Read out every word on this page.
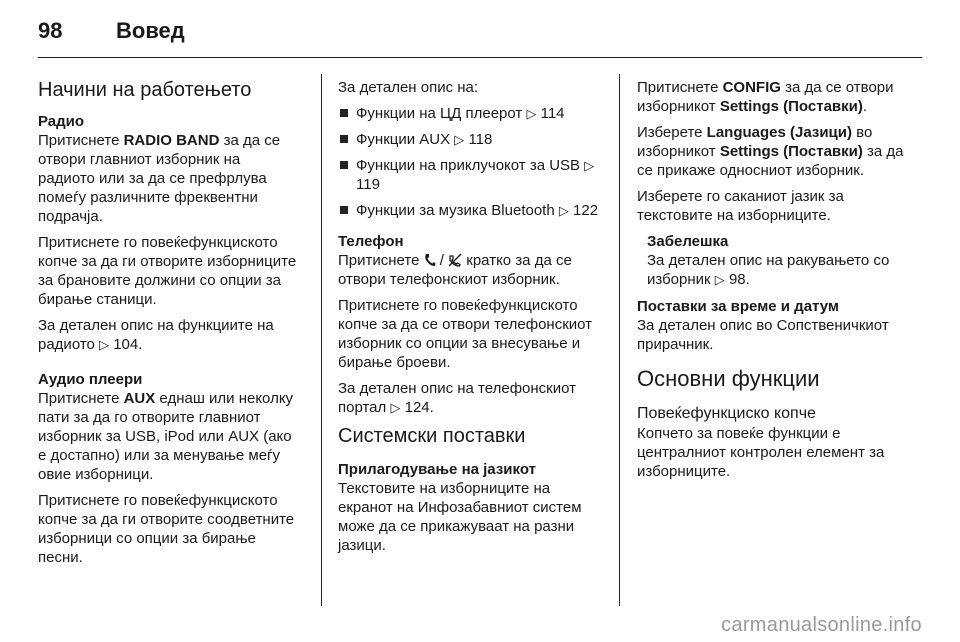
98 Вовед
Начини на работењето
Радио

Притиснете RADIO BAND за да се отвори главниот изборник на радиото или за да се префрлува помеѓу различните фреквентни подрачја.

Притиснете го повеќефункциското копче за да ги отворите изборниците за брановите должини со опции за бирање станици.

За детален опис на функциите на радиото ▷ 104.

Аудио плеери

Притиснете AUX еднаш или неколку пати за да го отворите главниот изборник за USB, iPod или AUX (ако е достапно) или за менување меѓу овие изборници.

Притиснете го повеќефункциското копче за да ги отворите соодветните изборници со опции за бирање песни.

За детален опис на:

Функции на ЦД плеерот ▷ 114
Функции AUX ▷ 118
Функции на приклучокот за USB ▷ 119
Функции за музика Bluetooth ▷ 122
Телефон

Притиснете  /  кратко за да се отвори телефонскиот изборник.

Притиснете го повеќефункциското копче за да се отвори телефонскиот изборник со опции за внесување и бирање броеви.

За детален опис на телефонскиот портал ▷ 124.

Системски поставки
Прилагодување на јазикот

Текстовите на изборниците на екранот на Инфозабавниот систем може да се прикажуваат на разни јазици.

Притиснете CONFIG за да се отвори изборникот Settings (Поставки).

Изберете Languages (Јазици) во изборникот Settings (Поставки) за да се прикаже односниот изборник.

Изберете го саканиот јазик за текстовите на изборниците.

Забелешка
За детален опис на ракувањето со изборник ▷ 98.
Поставки за време и датум

За детален опис во Сопственичкиот прирачник.

Основни функции
Повеќефункциско копче

Копчето за повеќе функции е централниот контролен елемент за изборниците.

carmanualsonline.info
